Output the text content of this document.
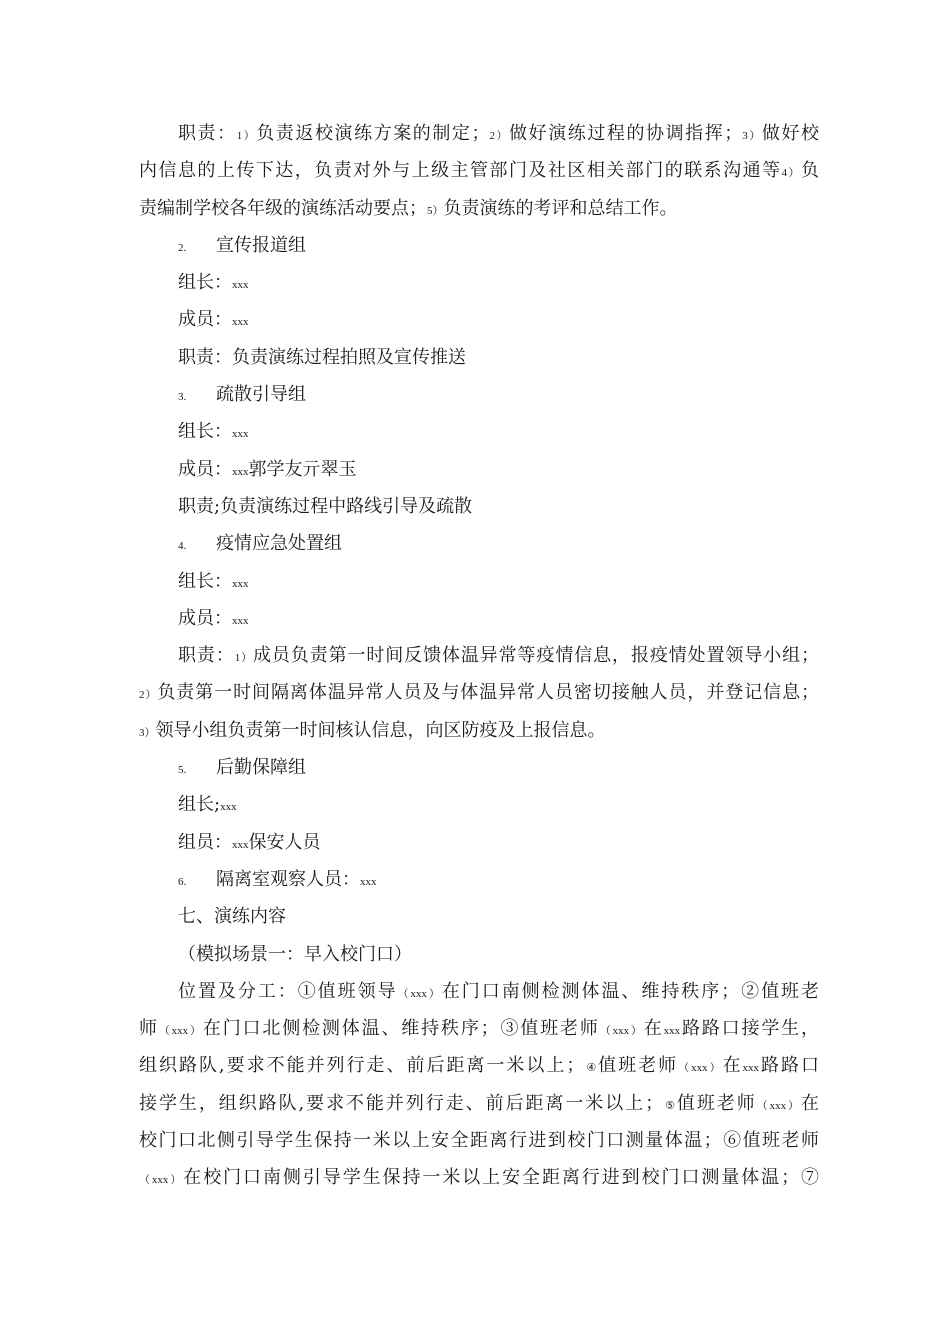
职责：1）负责返校演练方案的制定；2）做好演练过程的协调指挥；3）做好校
内信息的上传下达，负责对外与上级主管部门及社区相关部门的联系沟通等4）负
责编制学校各年级的演练活动要点；5）负责演练的考评和总结工作。
2. 宣传报道组
组长：xxx
成员：xxx
职责：负责演练过程拍照及宣传推送
3. 疏散引导组
组长：xxx
成员：xxx郭学友亓翠玉
职责;负责演练过程中路线引导及疏散
4. 疫情应急处置组
组长：xxx
成员：xxx
职责：1）成员负责第一时间反馈体温异常等疫情信息，报疫情处置领导小组；
2）负责第一时间隔离体温异常人员及与体温异常人员密切接触人员，并登记信息；
3）领导小组负责第一时间核认信息，向区防疫及上报信息。
5. 后勤保障组
组长;xxx
组员：xxx保安人员
6. 隔离室观察人员：xxx
七、演练内容
（模拟场景一：早入校门口）
位置及分工：①值班领导（xxx）在门口南侧检测体温、维持秩序；②值班老
师（xxx）在门口北侧检测体温、维持秩序；③值班老师（xxx）在xxx路路口接学生，
组织路队,要求不能并列行走、前后距离一米以上；④值班老师（xxx）在xxx路路口
接学生，组织路队,要求不能并列行走、前后距离一米以上；⑤值班老师（xxx）在
校门口北侧引导学生保持一米以上安全距离行进到校门口测量体温；⑥值班老师
（xxx）在校门口南侧引导学生保持一米以上安全距离行进到校门口测量体温；⑦
